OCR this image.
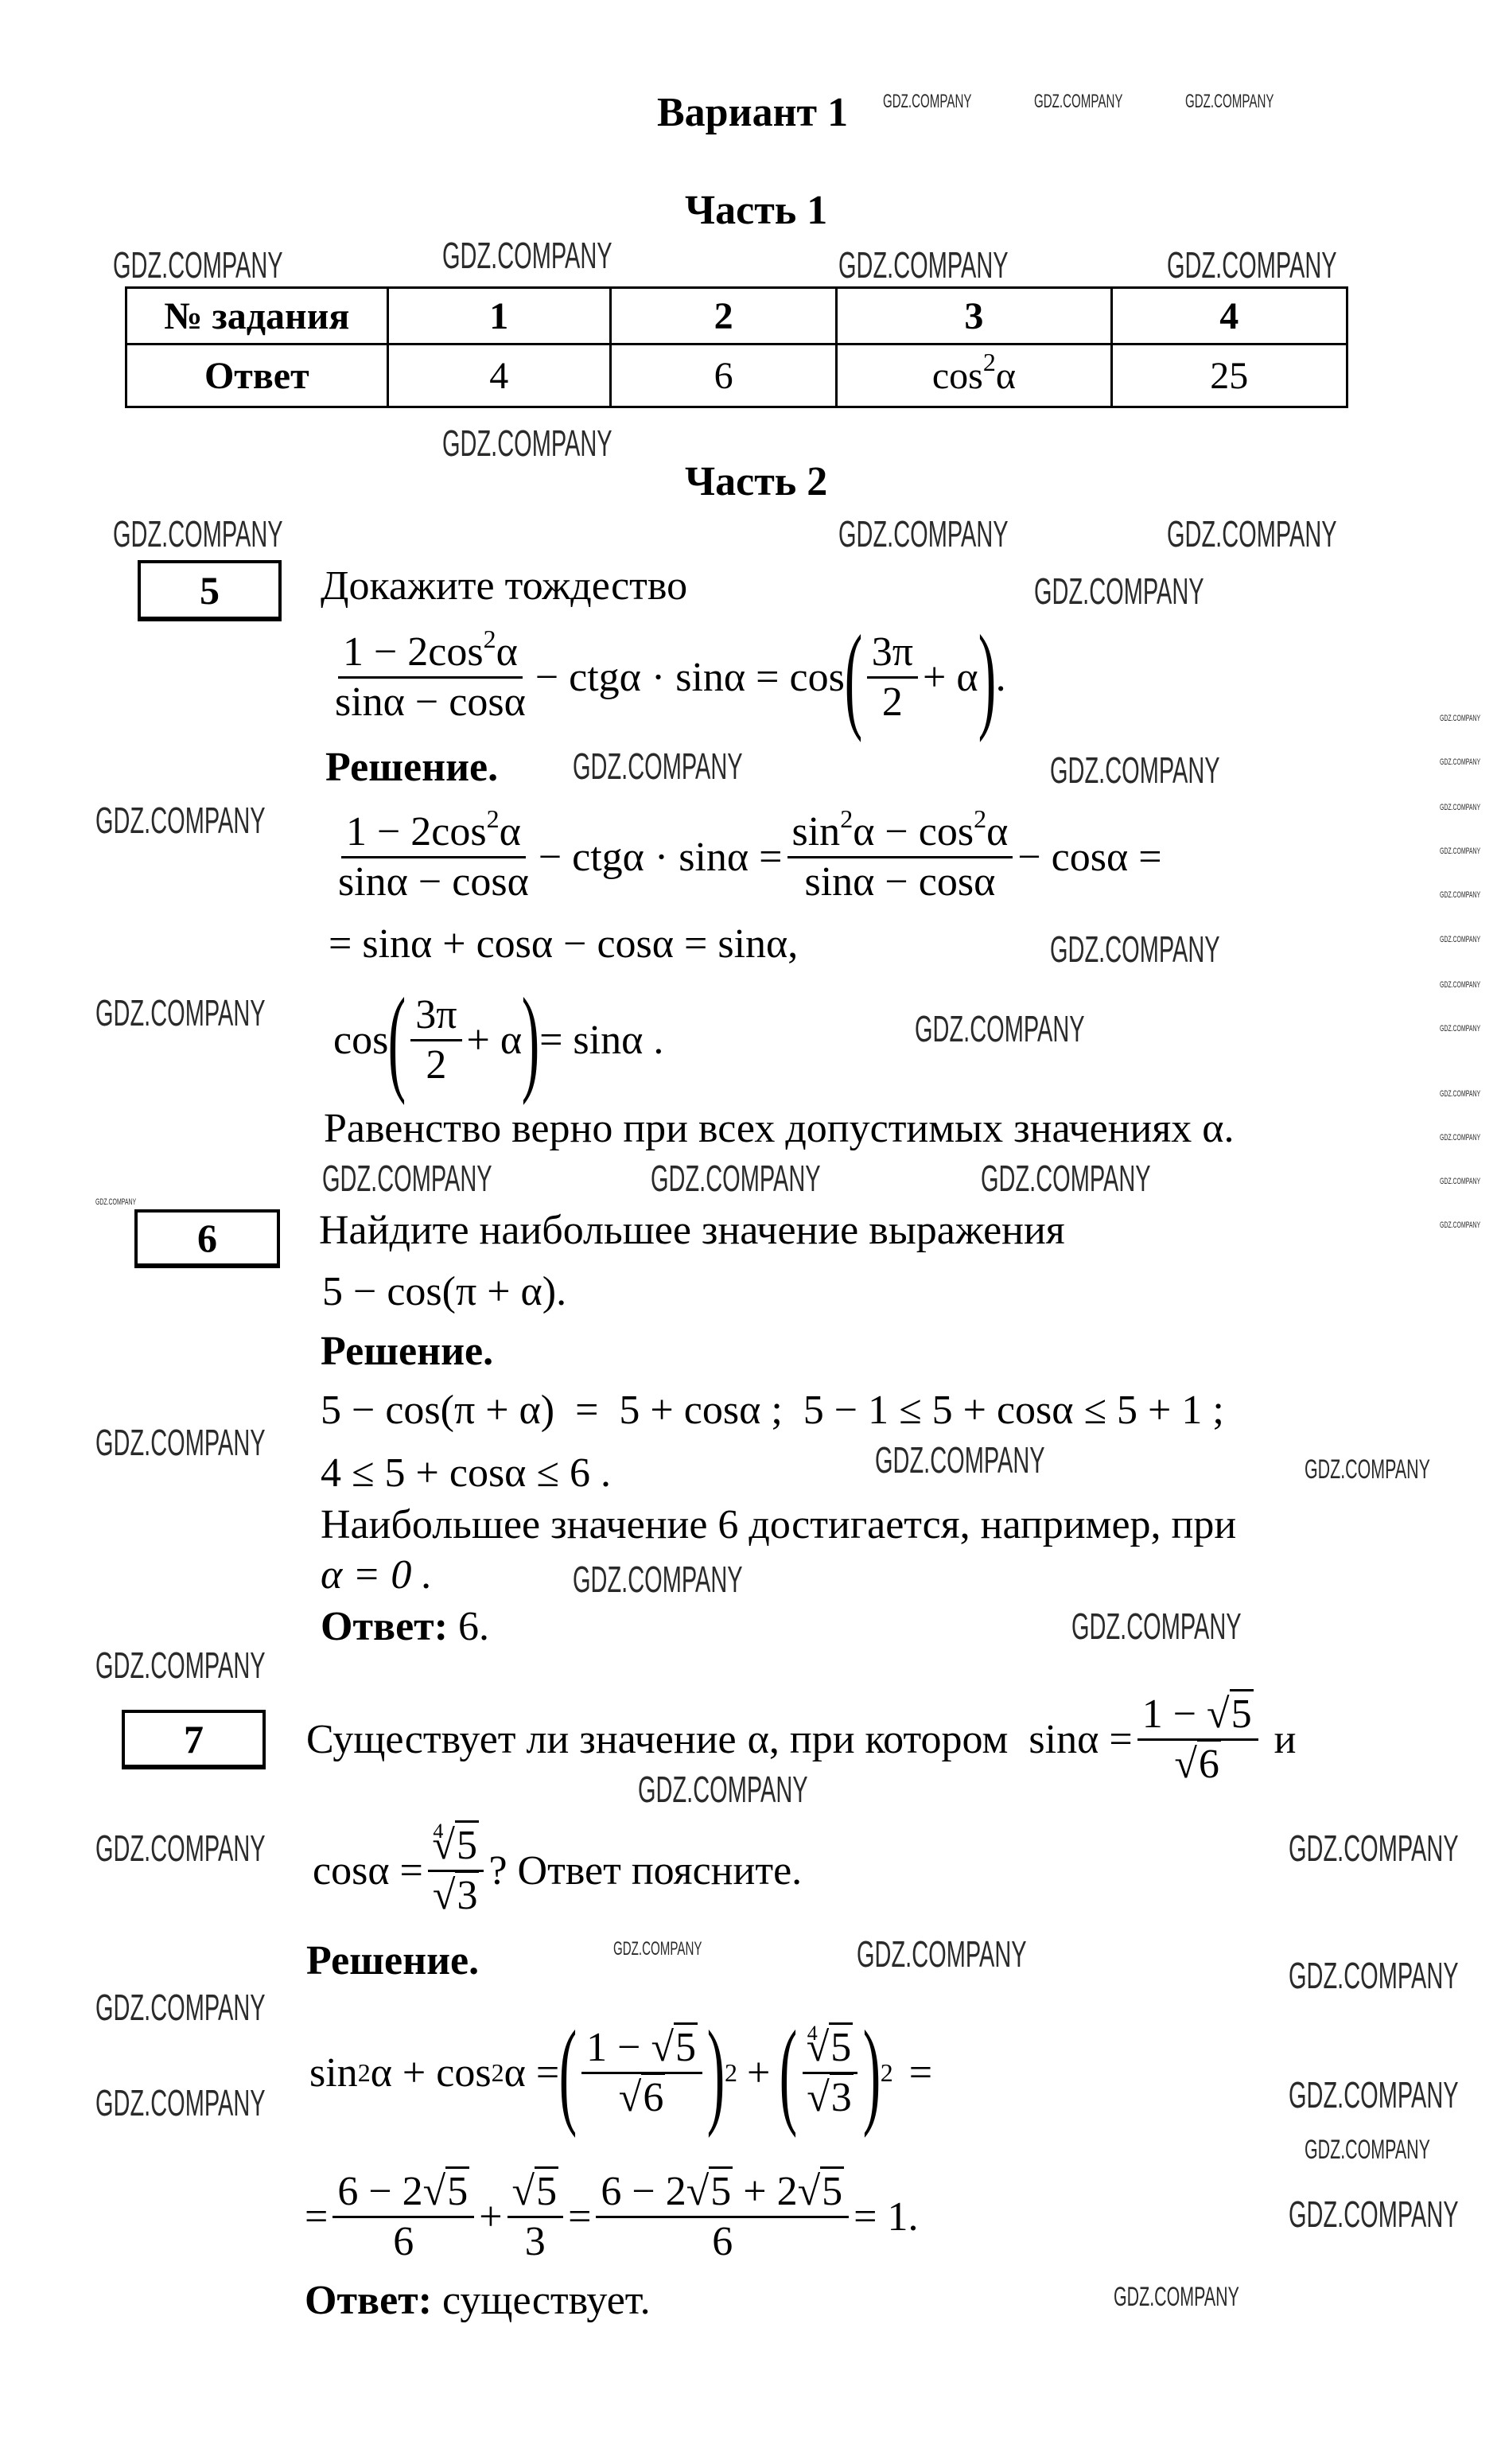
Вариант 1
Часть 1
№ задания	1	2	3	4
Ответ	4	6	$\cos^2\alpha$	25
Часть 2
5	Докажите тождество
$\frac{1 - 2\cos^2\alpha}{\sin\alpha - \cos\alpha} - ctg\alpha \cdot \sin\alpha = \cos$ ( $\frac{3\pi}{2} + \alpha$ ) .
Решение.
$\frac{1 - 2\cos^2\alpha}{\sin\alpha - \cos\alpha} - ctg\alpha \cdot \sin\alpha = \frac{\sin^2\alpha - \cos^2\alpha}{\sin\alpha - \cos\alpha} - \cos\alpha$ =
= sinα + cosα − cosα = sinα,
cos ( $\frac{3\pi}{2} + \alpha$ ) = sinα .
Равенство верно при всех допустимых значениях α.
6	Найдите наибольшее значение выражения
5 − cos(π + α).
Решение.
5 − cos(π + α)  =  5 + cosα ;  5 − 1 ≤ 5 + cosα ≤ 5 + 1 ;
4 ≤ 5 + cosα ≤ 6 .
Наибольшее значение 6 достигается, например, при
α = 0 .
Ответ: 6.
7	Существует ли значение α , при котором  sinα = 1 − √ 5
√ 6 и
cosα = $^4$ √ 5
√ 3 ? Ответ поясните.
Решение.
sin 2 α + cos 2 α = ( 1 − √ 5
√ 6 ) 2 + ( $^4$ √ 5
√ 3 ) 2 =
= $\frac{6 - 2 √ 5}{6}$ + √ $\frac{5}{3} = \frac{6 - 2 √ 5 + 2 √ 5}{6} = 1$.
Ответ: существует.
GDZ.COMPANY	GDZ.COMPANY	GDZ.COMPANY	GDZ.COMPANY
GDZ.COMPANY
GDZ.COMPANY	GDZ.COMPANY	GDZ.COMPANY
GDZ.COMPANY
GDZ.COMPANY
GDZ.COMPANY
GDZ.COMPANY
GDZ.COMPANY
GDZ.COMPANY	GDZ.COMPANY
GDZ.COMPANY	GDZ.COMPANY	GDZ.COMPANY
GDZ.COMPANY	GDZ.COMPANY
GDZ.COMPANY
GDZ.COMPANY
GDZ.COMPANY
GDZ.COMPANY
GDZ.COMPANY
GDZ.COMPANY
GDZ.COMPANY
GDZ.COMPANY
GDZ.COMPANY
GDZ.COMPANY
GDZ.COMPANY
GDZ.COMPANY
GDZ.COMPANY
GDZ.COMPANY
GDZ.COMPANY
GDZ.COMPANY	GDZ.COMPANY	GDZ.COMPANY
GDZ.COMPANY
GDZ.COMPANY
GDZ.COMPANY
GDZ.COMPANY
GDZ.COMPANY
GDZ.COMPANY
GDZ.COMPANY
GDZ.COMPANY
GDZ.COMPANY
GDZ.COMPANY
GDZ.COMPANY
GDZ.COMPANY
GDZ.COMPANY
GDZ.COMPANY
